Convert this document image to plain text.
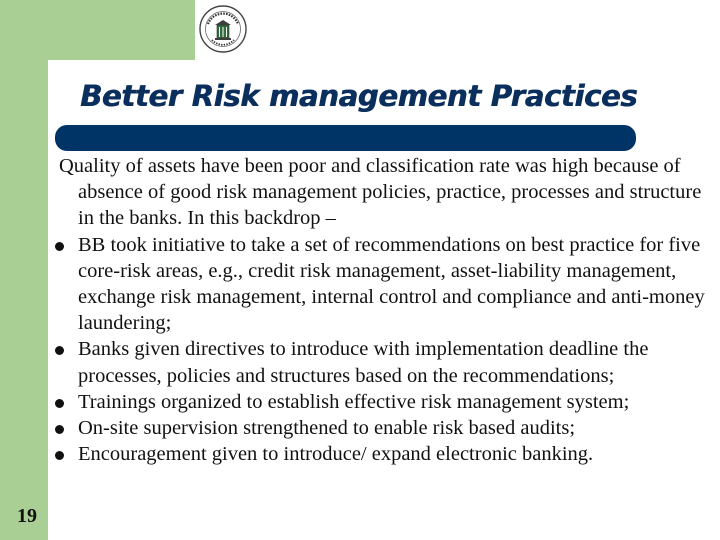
Better Risk management Practices

Quality of assets have been poor and classification rate was high because of absence of good risk management policies, practice, processes and structure in the banks. In this backdrop –

BB took initiative to take a set of recommendations on best practice for five core-risk areas, e.g., credit risk management, asset-liability management, exchange risk management, internal control and compliance and anti-money laundering;
Banks given directives to introduce with implementation deadline the processes, policies and structures based on the recommendations;
Trainings organized to establish effective risk management system;
On-site supervision strengthened to enable risk based audits;
Encouragement given to introduce/ expand electronic banking.
19
